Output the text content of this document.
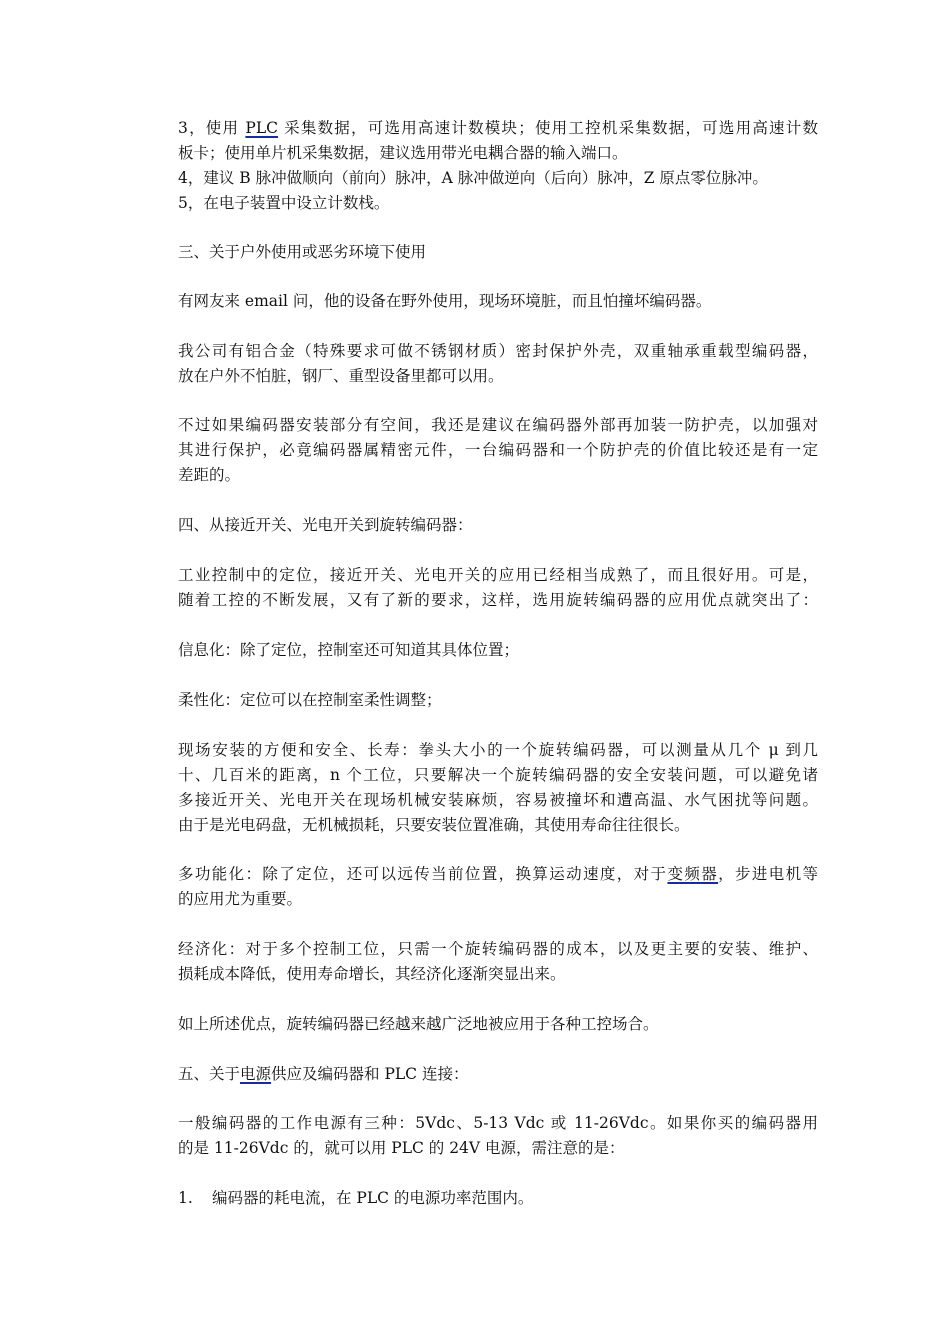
3，使用 PLC 采集数据，可选用高速计数模块；使用工控机采集数据，可选用高速计数
板卡；使用单片机采集数据，建议选用带光电耦合器的输入端口。
4，建议 B 脉冲做顺向（前向）脉冲，A 脉冲做逆向（后向）脉冲，Z 原点零位脉冲。
5，在电子装置中设立计数栈。
三、关于户外使用或恶劣环境下使用
有网友来 email 问，他的设备在野外使用，现场环境脏，而且怕撞坏编码器。
我公司有铝合金（特殊要求可做不锈钢材质）密封保护外壳，双重轴承重载型编码器，
放在户外不怕脏，钢厂、重型设备里都可以用。
不过如果编码器安装部分有空间，我还是建议在编码器外部再加装一防护壳，以加强对
其进行保护，必竟编码器属精密元件，一台编码器和一个防护壳的价值比较还是有一定
差距的。
四、从接近开关、光电开关到旋转编码器：
工业控制中的定位，接近开关、光电开关的应用已经相当成熟了，而且很好用。可是，
随着工控的不断发展，又有了新的要求，这样，选用旋转编码器的应用优点就突出了：
信息化：除了定位，控制室还可知道其具体位置；
柔性化：定位可以在控制室柔性调整；
现场安装的方便和安全、长寿：拳头大小的一个旋转编码器，可以测量从几个 μ 到几
十、几百米的距离，n 个工位，只要解决一个旋转编码器的安全安装问题，可以避免诸
多接近开关、光电开关在现场机械安装麻烦，容易被撞坏和遭高温、水气困扰等问题。
由于是光电码盘，无机械损耗，只要安装位置准确，其使用寿命往往很长。
多功能化：除了定位，还可以远传当前位置，换算运动速度，对于变频器，步进电机等
的应用尤为重要。
经济化：对于多个控制工位，只需一个旋转编码器的成本，以及更主要的安装、维护、
损耗成本降低，使用寿命增长，其经济化逐渐突显出来。
如上所述优点，旋转编码器已经越来越广泛地被应用于各种工控场合。
五、关于电源供应及编码器和 PLC 连接：
一般编码器的工作电源有三种：5Vdc、5-13 Vdc 或 11-26Vdc。如果你买的编码器用
的是 11-26Vdc 的，就可以用 PLC 的 24V 电源，需注意的是：
1. 编码器的耗电流，在 PLC 的电源功率范围内。
